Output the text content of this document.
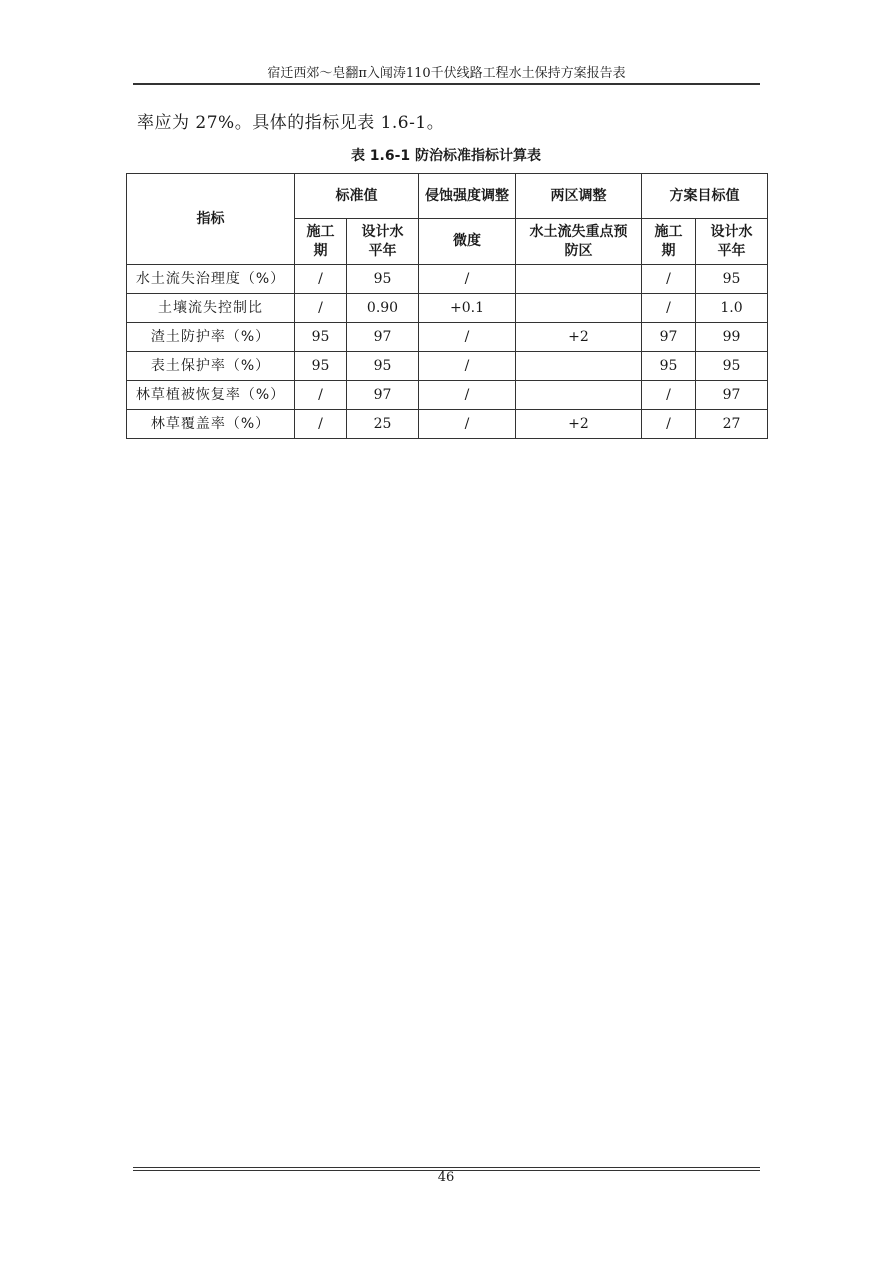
宿迁西郊～皂翻π入闻涛110千伏线路工程水土保持方案报告表
率应为 27%。具体的指标见表 1.6-1。
表 1.6-1 防治标准指标计算表
指标	标准值		侵蚀强度调整	两区调整	方案目标值	
	施工期	设计水平年	微度	水土流失重点预防区	施工期	设计水平年
水土流失治理度（%）	/	95	/		/	95
土壤流失控制比	/	0.90	+0.1		/	1.0
渣土防护率（%）	95	97	/	+2	97	99
表土保护率（%）	95	95	/		95	95
林草植被恢复率（%）	/	97	/		/	97
林草覆盖率（%）	/	25	/	+2	/	27
46
